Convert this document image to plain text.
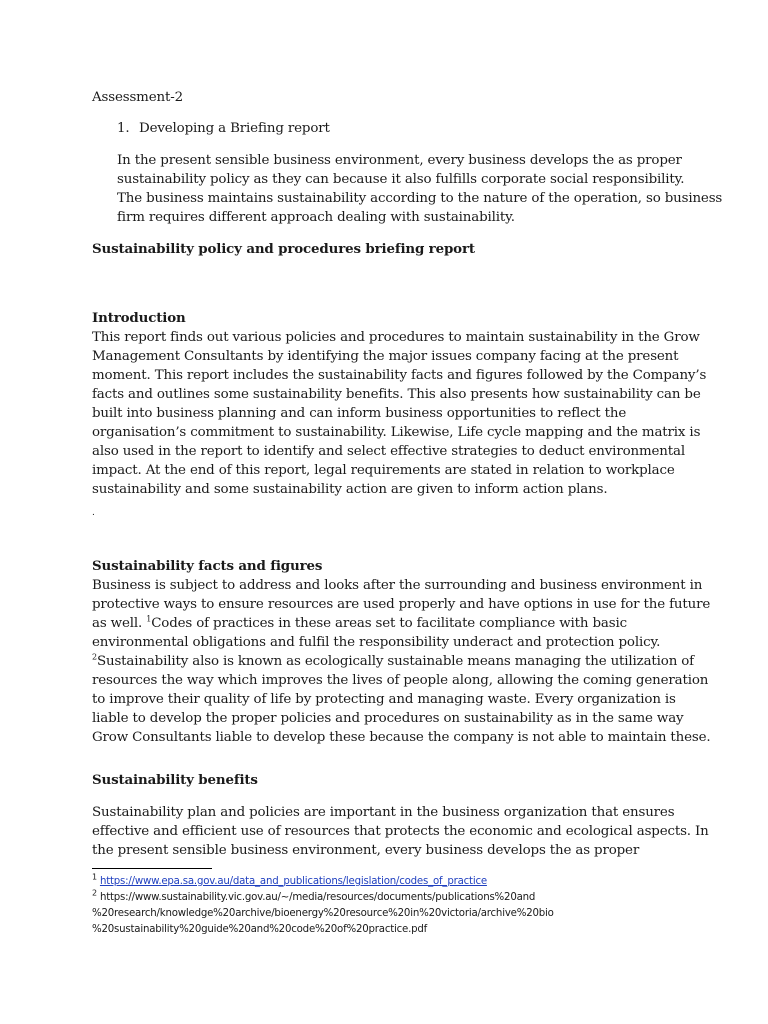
Assessment-2
1. Developing a Briefing report
In the present sensible business environment, every business develops the as proper
sustainability policy as they can because it also fulfills corporate social responsibility.
The business maintains sustainability according to the nature of the operation, so business
firm requires different approach dealing with sustainability.
Sustainability policy and procedures briefing report
Introduction
This report finds out various policies and procedures to maintain sustainability in the Grow
Management Consultants by identifying the major issues company facing at the present
moment. This report includes the sustainability facts and figures followed by the Company’s
facts and outlines some sustainability benefits. This also presents how sustainability can be
built into business planning and can inform business opportunities to reflect the
organisation’s commitment to sustainability. Likewise, Life cycle mapping and the matrix is
also used in the report to identify and select effective strategies to deduct environmental
impact. At the end of this report, legal requirements are stated in relation to workplace
sustainability and some sustainability action are given to inform action plans.
.
Sustainability facts and figures
Business is subject to address and looks after the surrounding and business environment in
protective ways to ensure resources are used properly and have options in use for the future
as well. $^1$Codes of practices in these areas set to facilitate compliance with basic
environmental obligations and fulfil the responsibility underact and protection policy.
$^2$Sustainability also is known as ecologically sustainable means managing the utilization of
resources the way which improves the lives of people along, allowing the coming generation
to improve their quality of life by protecting and managing waste. Every organization is
liable to develop the proper policies and procedures on sustainability as in the same way
Grow Consultants liable to develop these because the company is not able to maintain these.
Sustainability benefits
Sustainability plan and policies are important in the business organization that ensures
effective and efficient use of resources that protects the economic and ecological aspects. In
the present sensible business environment, every business develops the as proper
$^1$ https://www.epa.sa.gov.au/data_and_publications/legislation/codes_of_practice
$^2$ https://www.sustainability.vic.gov.au/~/media/resources/documents/publications%20and
%20research/knowledge%20archive/bioenergy%20resource%20in%20victoria/archive%20bio
%20sustainability%20guide%20and%20code%20of%20practice.pdf
